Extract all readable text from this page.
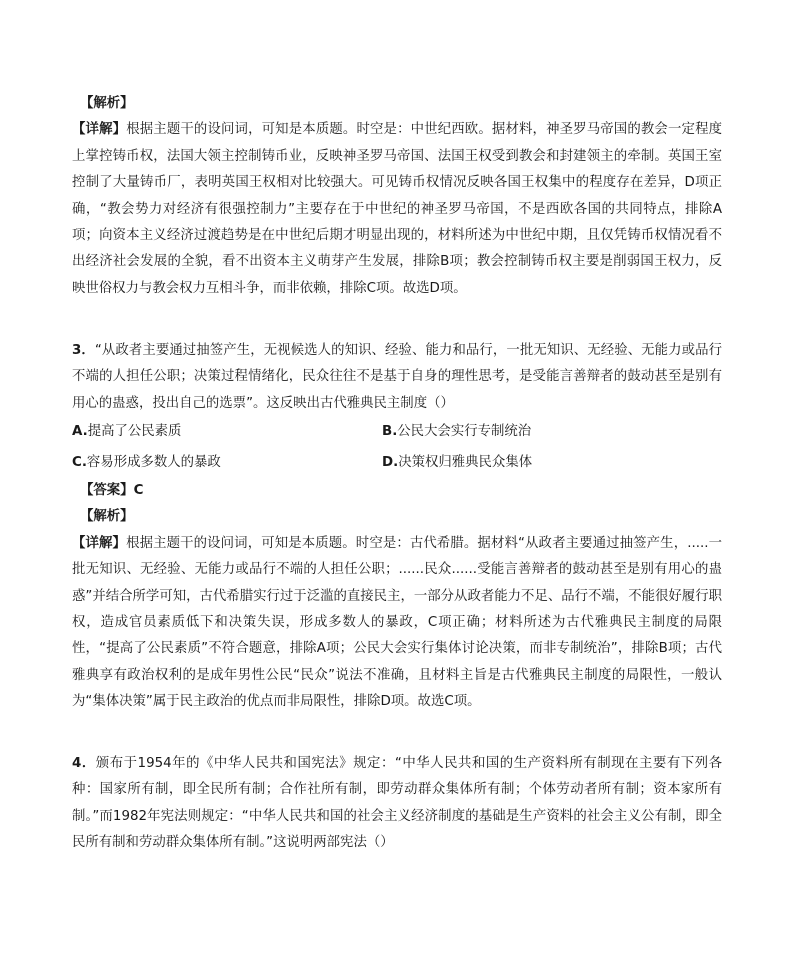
【解析】
【详解】根据主题干的设问词，可知是本质题。时空是：中世纪西欧。据材料，神圣罗马帝国的教会一定程度上掌控铸币权，法国大领主控制铸币业，反映神圣罗马帝国、法国王权受到教会和封建领主的牵制。英国王室控制了大量铸币厂，表明英国王权相对比较强大。可见铸币权情况反映各国王权集中的程度存在差异，D项正确，“教会势力对经济有很强控制力”主要存在于中世纪的神圣罗马帝国，不是西欧各国的共同特点，排除A项；向资本主义经济过渡趋势是在中世纪后期才明显出现的，材料所述为中世纪中期，且仅凭铸币权情况看不出经济社会发展的全貌，看不出资本主义萌芽产生发展，排除B项；教会控制铸币权主要是削弱国王权力，反映世俗权力与教会权力互相斗争，而非依赖，排除C项。故选D项。
3．“从政者主要通过抽签产生，无视候选人的知识、经验、能力和品行，一批无知识、无经验、无能力或品行不端的人担任公职；决策过程情绪化，民众往往不是基于自身的理性思考，是受能言善辩者的鼓动甚至是别有用心的蛊惑，投出自己的选票”。这反映出古代雅典民主制度（）
A.提高了公民素质	B.公民大会实行专制统治
C.容易形成多数人的暴政	D.决策权归雅典民众集体
【答案】C
【解析】
【详解】根据主题干的设问词，可知是本质题。时空是：古代希腊。据材料“从政者主要通过抽签产生，.....一批无知识、无经验、无能力或品行不端的人担任公职；......民众......受能言善辩者的鼓动甚至是别有用心的蛊惑”并结合所学可知，古代希腊实行过于泛滥的直接民主，一部分从政者能力不足、品行不端，不能很好履行职权，造成官员素质低下和决策失误，形成多数人的暴政，C项正确；材料所述为古代雅典民主制度的局限性，“提高了公民素质”不符合题意，排除A项；公民大会实行集体讨论决策，而非专制统治”，排除B项；古代雅典享有政治权利的是成年男性公民“民众”说法不准确，且材料主旨是古代雅典民主制度的局限性，一般认为“集体决策”属于民主政治的优点而非局限性，排除D项。故选C项。
4．颁布于1954年的《中华人民共和国宪法》规定：“中华人民共和国的生产资料所有制现在主要有下列各种：国家所有制，即全民所有制；合作社所有制，即劳动群众集体所有制；个体劳动者所有制；资本家所有制。”而1982年宪法则规定：“中华人民共和国的社会主义经济制度的基础是生产资料的社会主义公有制，即全民所有制和劳动群众集体所有制。”这说明两部宪法（）
